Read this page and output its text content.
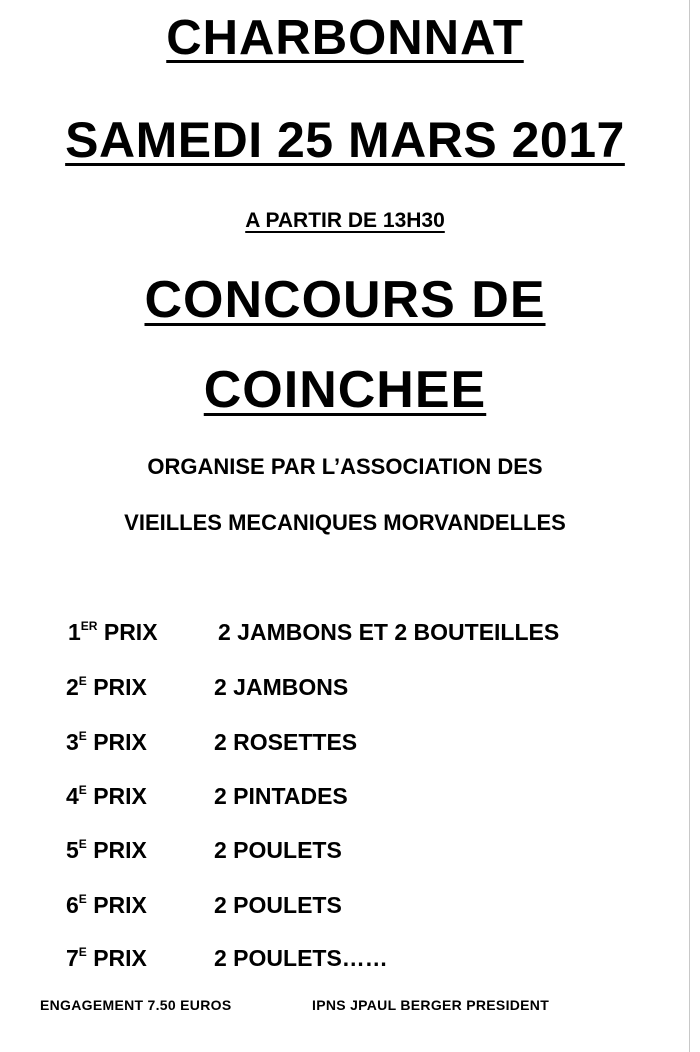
CHARBONNAT
SAMEDI 25 MARS 2017
A PARTIR DE 13H30
CONCOURS DE
COINCHEE
ORGANISE PAR L’ASSOCIATION DES
VIEILLES MECANIQUES MORVANDELLES
1ER PRIX	2 JAMBONS ET 2 BOUTEILLES
$2^E$ PRIX	2 JAMBONS
$3^E$ PRIX	2 ROSETTES
$4^E$ PRIX	2 PINTADES
$5^E$ PRIX	2 POULETS
$6^E$ PRIX	2 POULETS
$7^E$ PRIX	2 POULETS……
ENGAGEMENT 7.50 EUROS	IPNS JPAUL BERGER PRESIDENT
